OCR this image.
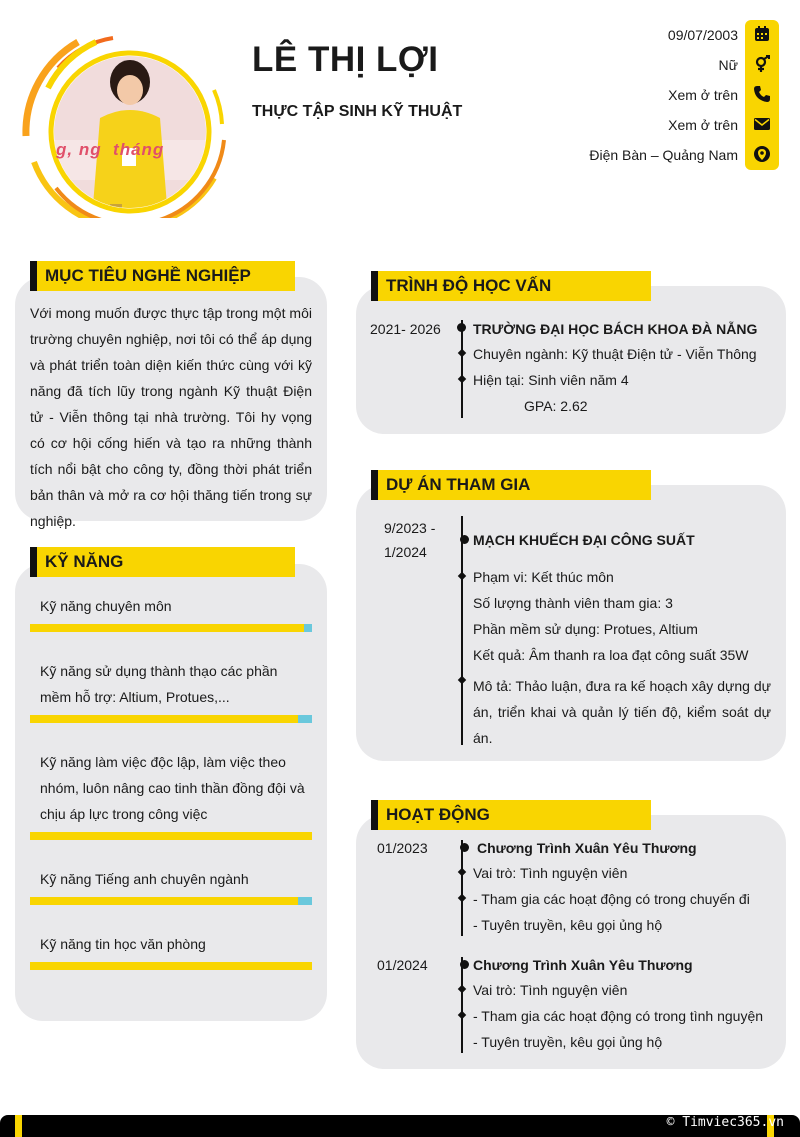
g, ng  tháng
LÊ THỊ LỢI
THỰC TẬP SINH KỸ THUẬT
09/07/2003
Nữ
Xem ở trên
Xem ở trên
Điện Bàn – Quảng Nam
MỤC TIÊU NGHỀ NGHIỆP

Với mong muốn được thực tập trong một môi trường chuyên nghiệp, nơi tôi có thể áp dụng và phát triển toàn diện kiến thức cùng với kỹ năng đã tích lũy trong ngành Kỹ thuật Điện tử - Viễn thông tại nhà trường. Tôi hy vọng có cơ hội cống hiến và tạo ra những thành tích nổi bật cho công ty, đồng thời phát triển bản thân và mở ra cơ hội thăng tiến trong sự nghiệp.

KỸ NĂNG
Kỹ năng chuyên môn
Kỹ năng sử dụng thành thạo các phần mềm hỗ trợ: Altium, Protues,...
Kỹ năng làm việc độc lập, làm việc theo nhóm, luôn nâng cao tinh thần đồng đội và chịu áp lực trong công việc
Kỹ năng Tiếng anh chuyên ngành
Kỹ năng tin học văn phòng
TRÌNH ĐỘ HỌC VẤN
2021- 2026 TRƯỜNG ĐẠI HỌC BÁCH KHOA ĐÀ NẴNG
Chuyên ngành: Kỹ thuật Điện tử - Viễn Thông
Hiện tại: Sinh viên năm 4
GPA: 2.62
DỰ ÁN THAM GIA
9/2023 -
1/2024
MẠCH KHUẾCH ĐẠI CÔNG SUẤT
Phạm vi: Kết thúc môn
Số lượng thành viên tham gia: 3
Phần mềm sử dụng: Protues, Altium
Kết quả: Âm thanh ra loa đạt công suất 35W
Mô tả: Thảo luận, đưa ra kế hoạch xây dựng dự án, triển khai và quản lý tiến độ, kiểm soát dự án.
HOẠT ĐỘNG
01/2023	Chương Trình Xuân Yêu Thương
Vai trò: Tình nguyện viên
- Tham gia các hoạt động có trong chuyến đi
- Tuyên truyền, kêu gọi ủng hộ
01/2024	Chương Trình Xuân Yêu Thương
Vai trò: Tình nguyện viên
- Tham gia các hoạt động có trong tình nguyện
- Tuyên truyền, kêu gọi ủng hộ
© Timviec365.vn
